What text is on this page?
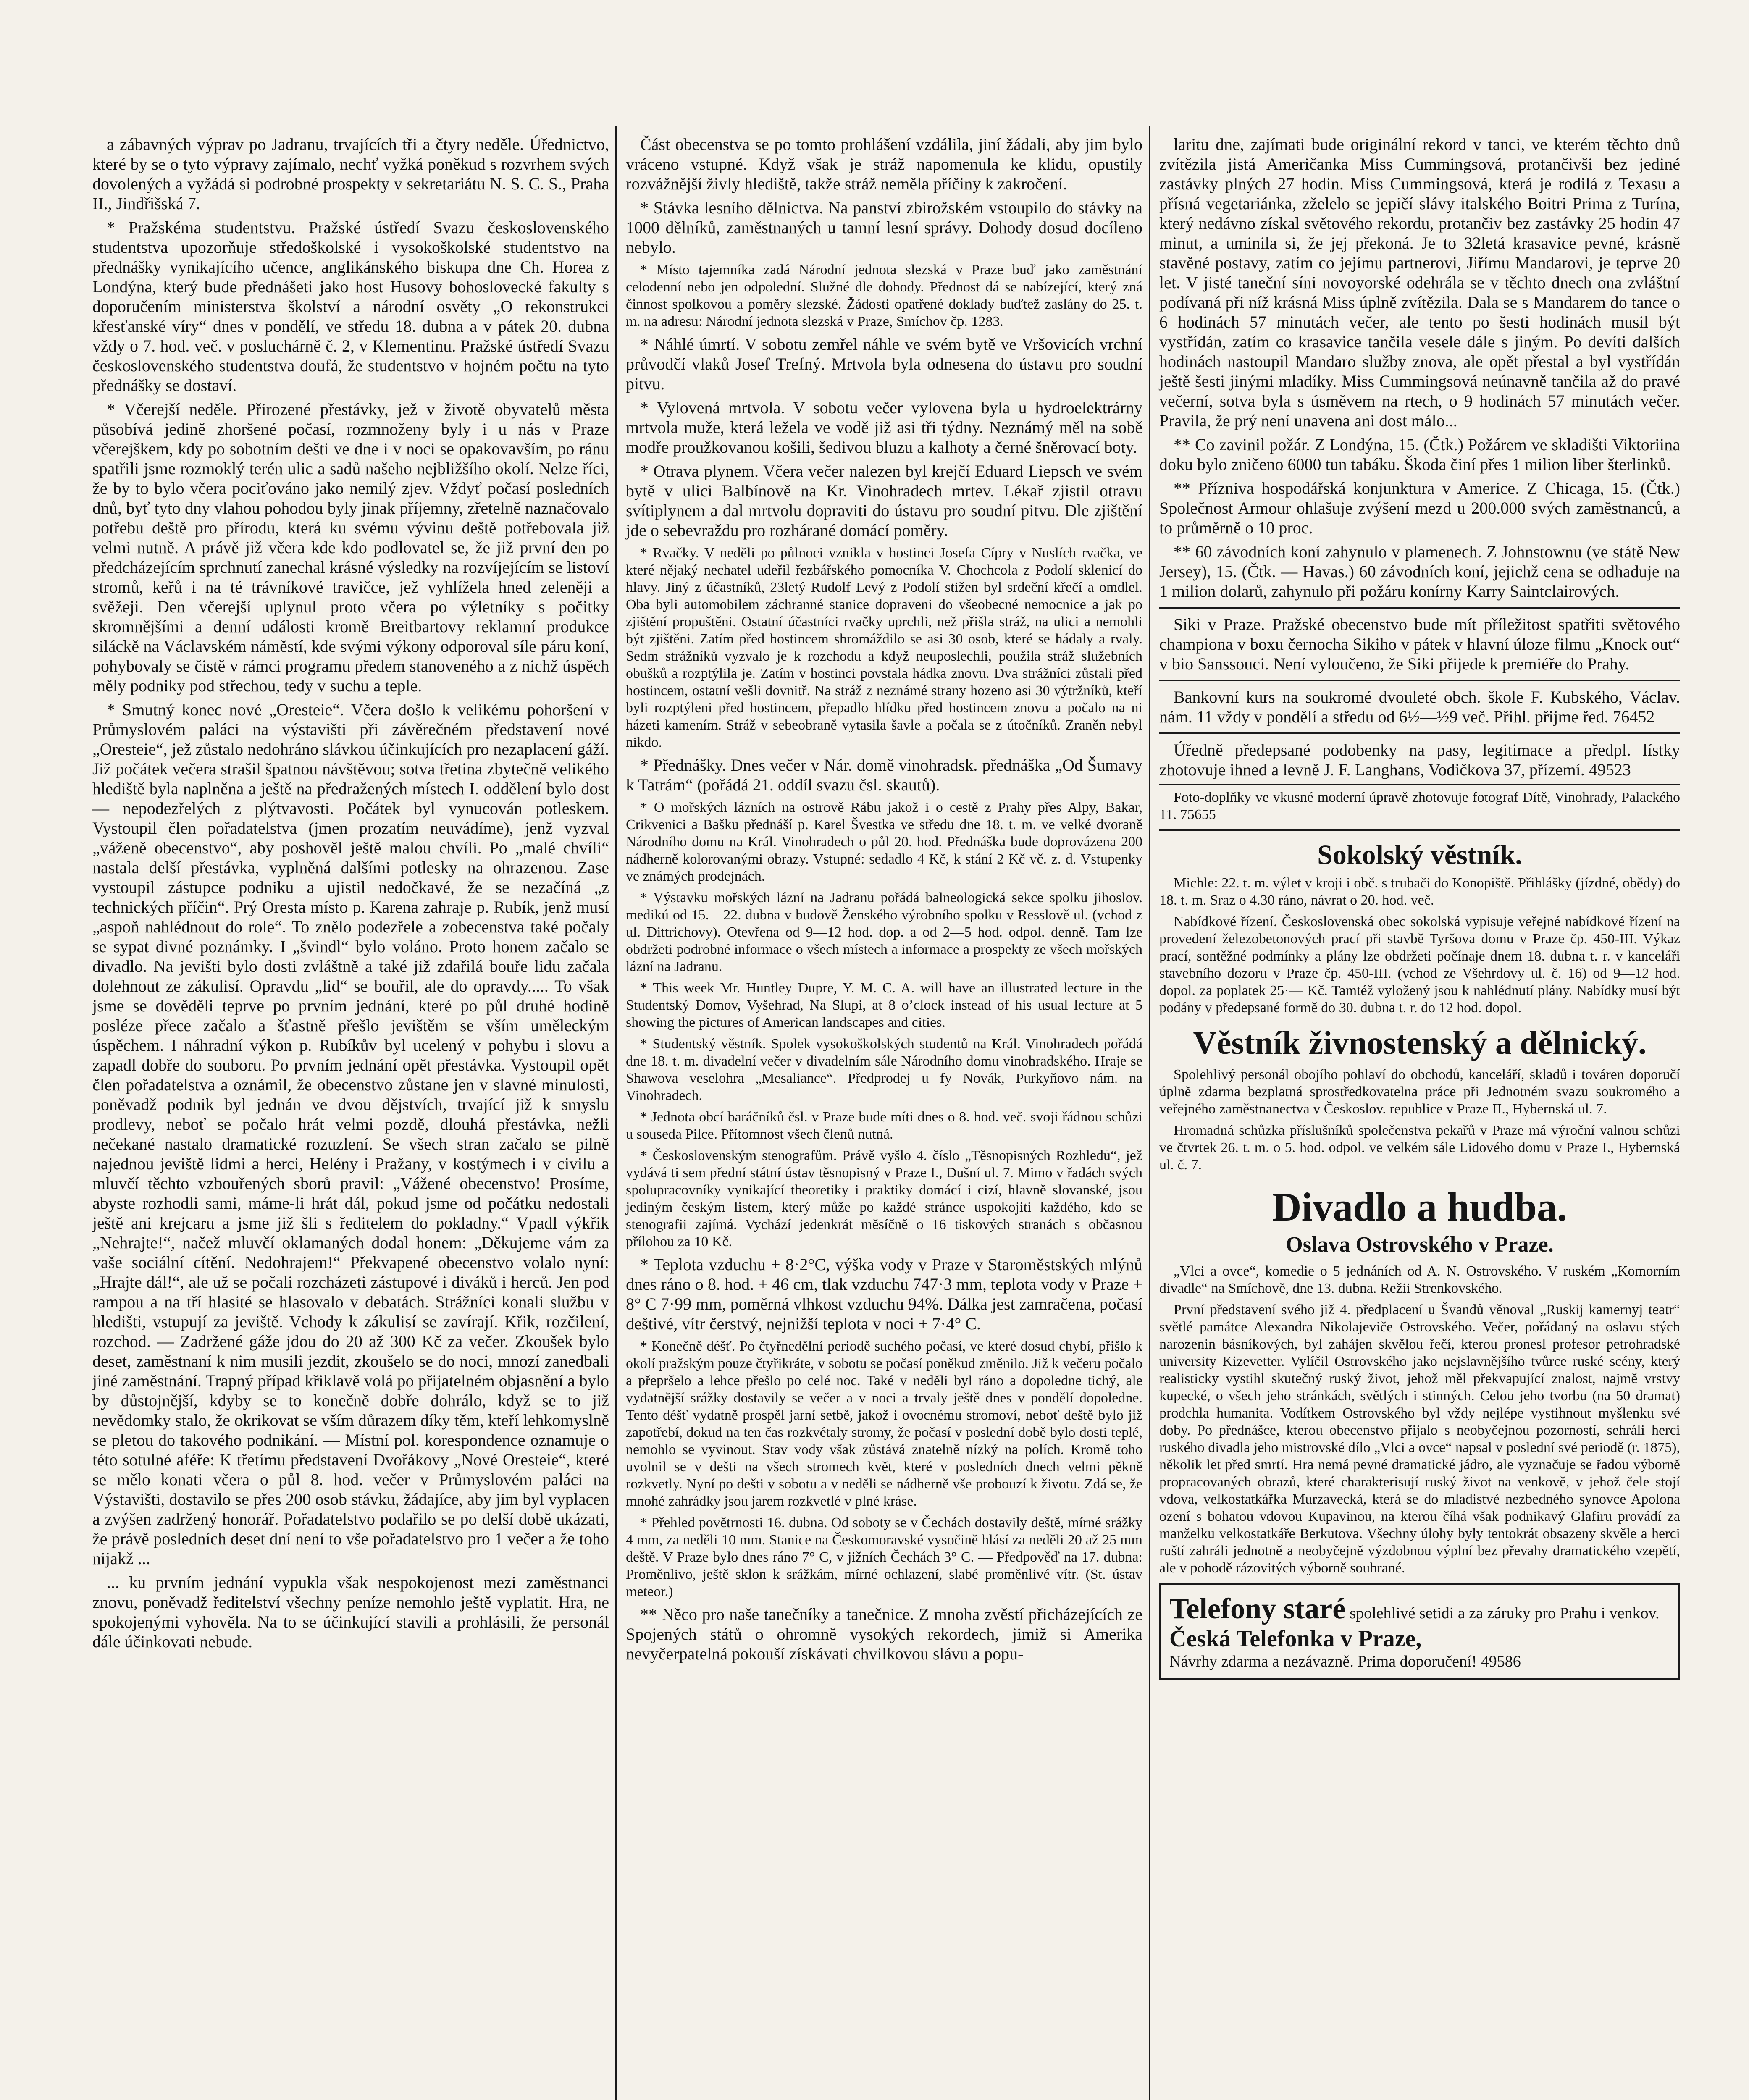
a zábavných výprav po Jadranu, trvajících tři a čtyry neděle. Úřednictvo, které by se o tyto výpravy zajímalo, nechť vyžká poněkud s rozvrhem svých dovolených a vyžádá si podrobné prospekty v sekretariátu N. S. C. S., Praha II., Jindřišská 7.

* Pražskéma studentstvu. Pražské ústředí Svazu československého studentstva upozorňuje středoškolské i vysokoškolské studentstvo na přednášky vynikajícího učence, anglikánského biskupa dne Ch. Horea z Londýna, který bude přednášeti jako host Husovy bohoslovecké fakulty s doporučením ministerstva školství a národní osvěty „O rekonstrukci křesťanské víry“ dnes v pondělí, ve středu 18. dubna a v pátek 20. dubna vždy o 7. hod. več. v posluchárně č. 2, v Klementinu. Pražské ústředí Svazu československého studentstva doufá, že studentstvo v hojném počtu na tyto přednášky se dostaví.

* Včerejší neděle. Přirozené přestávky, jež v životě obyvatelů města působívá jedině zhoršené počasí, rozmnoženy byly i u nás v Praze včerejškem, kdy po sobotním dešti ve dne i v noci se opakovavším, po ránu spatřili jsme rozmoklý terén ulic a sadů našeho nejbližšího okolí. Nelze říci, že by to bylo včera pociťováno jako nemilý zjev. Vždyť počasí posledních dnů, byť tyto dny vlahou pohodou byly jinak příjemny, zřetelně naznačovalo potřebu deště pro přírodu, která ku svému vývinu deště potřebovala již velmi nutně. A právě již včera kde kdo podlovatel se, že již první den po předcházejícím sprchnutí zanechal krásné výsledky na rozvíjejícím se listoví stromů, keřů i na té trávníkové travičce, jež vyhlížela hned zeleněji a svěžeji. Den včerejší uplynul proto včera po výletníky s počitky skromnějšími a denní události kromě Breitbartovy reklamní produkce siláckě na Václavském náměstí, kde svými výkony odporoval síle páru koní, pohybovaly se čistě v rámci programu předem stanoveného a z nichž úspěch měly podniky pod střechou, tedy v suchu a teple.

* Smutný konec nové „Oresteie“. Včera došlo k velikému pohoršení v Průmyslovém paláci na výstavišti při závěrečném představení nové „Oresteie“, jež zůstalo nedohráno slávkou účinkujících pro nezaplacení gáží. Již počátek večera strašil špatnou návštěvou; sotva třetina zbytečně velikého hlediště byla naplněna a ještě na předražených místech I. oddělení bylo dost — nepodezřelých z plýtvavosti. Počátek byl vynucován potleskem. Vystoupil člen pořadatelstva (jmen prozatím neuvádíme), jenž vyzval „váženě obecenstvo“, aby poshověl ještě malou chvíli. Po „malé chvíli“ nastala delší přestávka, vyplněná dalšími potlesky na ohrazenou. Zase vystoupil zástupce podniku a ujistil nedočkavé, že se nezačíná „z technických příčin“. Prý Oresta místo p. Karena zahraje p. Rubík, jenž musí „aspoň nahlédnout do role“. To znělo podezřele a zobecenstva také počaly se sypat divné poznámky. I „švindl“ bylo voláno. Proto honem začalo se divadlo. Na jevišti bylo dosti zvláštně a také již zdařilá bouře lidu začala dolehnout ze zákulisí. Opravdu „lid“ se bouřil, ale do opravdy..... To však jsme se dověděli teprve po prvním jednání, které po půl druhé hodině posléze přece začalo a šťastně přešlo jevištěm se vším uměleckým úspěchem. I náhradní výkon p. Rubíkův byl ucelený v pohybu i slovu a zapadl dobře do souboru. Po prvním jednání opět přestávka. Vystoupil opět člen pořadatelstva a oznámil, že obecenstvo zůstane jen v slavné minulosti, poněvadž podnik byl jednán ve dvou dějstvích, trvající již k smyslu prodlevy, neboť se počalo hrát velmi pozdě, dlouhá přestávka, nežli nečekané nastalo dramatické rozuzlení. Se všech stran začalo se pilně najednou jeviště lidmi a herci, Helény i Pražany, v kostýmech i v civilu a mluvčí těchto vzbouřených sborů pravil: „Vážené obecenstvo! Prosíme, abyste rozhodli sami, máme-li hrát dál, pokud jsme od počátku nedostali ještě ani krejcaru a jsme již šli s ředitelem do pokladny.“ Vpadl výkřik „Nehrajte!“, načež mluvčí oklamaných dodal honem: „Děkujeme vám za vaše sociální cítění. Nedohrajem!“ Překvapené obecenstvo volalo nyní: „Hrajte dál!“, ale už se počali rozcházeti zástupové i diváků i herců. Jen pod rampou a na tří hlasité se hlasovalo v debatách. Strážníci konali službu v hledišti, vstupují za jeviště. Vchody k zákulisí se zavírají. Křik, rozčilení, rozchod. — Zadržené gáže jdou do 20 až 300 Kč za večer. Zkoušek bylo deset, zaměstnaní k nim musili jezdit, zkoušelo se do noci, mnozí zanedbali jiné zaměstnání. Trapný případ křiklavě volá po přijatelném objasnění a bylo by důstojnější, kdyby se to konečně dobře dohrálo, když se to již nevědomky stalo, že okrikovat se vším důrazem díky těm, kteří lehkomyslně se pletou do takového podnikání. — Místní pol. korespondence oznamuje o této sotulné aféře: K třetímu představení Dvořákovy „Nové Oresteie“, které se mělo konati včera o půl 8. hod. večer v Průmyslovém paláci na Výstavišti, dostavilo se přes 200 osob stávku, žádajíce, aby jim byl vyplacen a zvýšen zadržený honorář. Pořadatelstvo podařilo se po delší době ukázati, že právě posledních deset dní není to vše pořadatelstvo pro 1 večer a že toho nijakž ...

... ku prvním jednání vypukla však nespokojenost mezi zaměstnanci znovu, poněvadž ředitelství všechny peníze nemohlo ještě vyplatit. Hra, ne spokojenými vyhověla. Na to se účinkující stavili a prohlásili, že personál dále účinkovati nebude.

Část obecenstva se po tomto prohlášení vzdálila, jiní žádali, aby jim bylo vráceno vstupné. Když však je stráž napomenula ke klidu, opustily rozvážnější živly hlediště, takže stráž neměla příčiny k zakročení.

* Stávka lesního dělnictva. Na panství zbirožském vstoupilo do stávky na 1000 dělníků, zaměstnaných u tamní lesní správy. Dohody dosud docíleno nebylo.

* Místo tajemníka zadá Národní jednota slezská v Praze buď jako zaměstnání celodenní nebo jen odpolední. Služné dle dohody. Přednost dá se nabízející, který zná činnost spolkovou a poměry slezské. Žádosti opatřené doklady buďtež zaslány do 25. t. m. na adresu: Národní jednota slezská v Praze, Smíchov čp. 1283.

* Náhlé úmrtí. V sobotu zemřel náhle ve svém bytě ve Vršovicích vrchní průvodčí vlaků Josef Trefný. Mrtvola byla odnesena do ústavu pro soudní pitvu.

* Vylovená mrtvola. V sobotu večer vylovena byla u hydroelektrárny mrtvola muže, která ležela ve vodě již asi tři týdny. Neznámý měl na sobě modře proužkovanou košili, šedivou bluzu a kalhoty a černé šněrovací boty.

* Otrava plynem. Včera večer nalezen byl krejčí Eduard Liepsch ve svém bytě v ulici Balbínově na Kr. Vinohradech mrtev. Lékař zjistil otravu svítiplynem a dal mrtvolu dopraviti do ústavu pro soudní pitvu. Dle zjištění jde o sebevraždu pro rozhárané domácí poměry.

* Rvačky. V neděli po půlnoci vznikla v hostinci Josefa Cípry v Nuslích rvačka, ve které nějaký nechatel udeřil řezbářského pomocníka V. Chochcola z Podolí sklenicí do hlavy. Jiný z účastníků, 23letý Rudolf Levý z Podolí stižen byl srdeční křečí a omdlel. Oba byli automobilem záchranné stanice dopraveni do všeobecné nemocnice a jak po zjištění propuštěni. Ostatní účastníci rvačky uprchli, než přišla stráž, na ulici a nemohli být zjištěni. Zatím před hostincem shromáždilo se asi 30 osob, které se hádaly a rvaly. Sedm strážníků vyzvalo je k rozchodu a když neuposlechli, použila stráž služebních obušků a rozptýlila je. Zatím v hostinci povstala hádka znovu. Dva strážníci zůstali před hostincem, ostatní vešli dovnitř. Na stráž z neznámé strany hozeno asi 30 výtržníků, kteří byli rozptýleni před hostincem, přepadlo hlídku před hostincem znovu a počalo na ni házeti kamením. Stráž v sebeobraně vytasila šavle a počala se z útočníků. Zraněn nebyl nikdo.

* Přednášky. Dnes večer v Nár. domě vinohradsk. přednáška „Od Šumavy k Tatrám“ (pořádá 21. oddíl svazu čsl. skautů).

* O mořských lázních na ostrově Rábu jakož i o cestě z Prahy přes Alpy, Bakar, Crikvenici a Bašku přednáší p. Karel Švestka ve středu dne 18. t. m. ve velké dvoraně Národního domu na Král. Vinohradech o půl 20. hod. Přednáška bude doprovázena 200 nádherně kolorovanými obrazy. Vstupné: sedadlo 4 Kč, k stání 2 Kč vč. z. d. Vstupenky ve známých prodejnách.

* Výstavku mořských lázní na Jadranu pořádá balneologická sekce spolku jihoslov. medikú od 15.—22. dubna v budově Ženského výrobního spolku v Resslově ul. (vchod z ul. Dittrichovy). Otevřena od 9—12 hod. dop. a od 2—5 hod. odpol. denně. Tam lze obdržeti podrobné informace o všech místech a informace a prospekty ze všech mořských lázní na Jadranu.

* This week Mr. Huntley Dupre, Y. M. C. A. will have an illustrated lecture in the Studentský Domov, Vyšehrad, Na Slupi, at 8 o’clock instead of his usual lecture at 5 showing the pictures of American landscapes and cities.

* Studentský věstník. Spolek vysokoškolských studentů na Král. Vinohradech pořádá dne 18. t. m. divadelní večer v divadelním sále Národního domu vinohradského. Hraje se Shawova veselohra „Mesaliance“. Předprodej u fy Novák, Purkyňovo nám. na Vinohradech.

* Jednota obcí baráčníků čsl. v Praze bude míti dnes o 8. hod. več. svoji řádnou schůzi u souseda Pilce. Přítomnost všech členů nutná.

* Československým stenografům. Právě vyšlo 4. číslo „Těsnopisných Rozhledů“, jež vydává ti sem přední státní ústav těsnopisný v Praze I., Dušní ul. 7. Mimo v řadách svých spolupracovníky vynikající theoretiky i praktiky domácí i cizí, hlavně slovanské, jsou jediným českým listem, který může po každé stránce uspokojiti každého, kdo se stenografii zajímá. Vychází jedenkrát měsíčně o 16 tiskových stranách s občasnou přílohou za 10 Kč.

* Teplota vzduchu + 8·2°C, výška vody v Praze v Staroměstských mlýnů dnes ráno o 8. hod. + 46 cm, tlak vzduchu 747·3 mm, teplota vody v Praze + 8° C 7·99 mm, poměrná vlhkost vzduchu 94%. Dálka jest zamračena, počasí deštivé, vítr čerstvý, nejnižší teplota v noci + 7·4° C.

* Konečně déšť. Po čtyřnedělní periodě suchého počasí, ve které dosud chybí, přišlo k okolí pražským pouze čtyřikráte, v sobotu se počasí poněkud změnilo. Již k večeru počalo a přepršelo a lehce přešlo po celé noc. Také v neděli byl ráno a dopoledne tichý, ale vydatnější srážky dostavily se večer a v noci a trvaly ještě dnes v pondělí dopoledne. Tento déšť vydatně prospěl jarní setbě, jakož i ovocnému stromoví, neboť deště bylo již zapotřebí, dokud na ten čas rozkvétaly stromy, že počasí v poslední době bylo dosti teplé, nemohlo se vyvinout. Stav vody však zůstává znatelně nízký na polích. Kromě toho uvolnil se v dešti na všech stromech květ, které v posledních dnech velmi pěkně rozkvetly. Nyní po dešti v sobotu a v neděli se nádherně vše probouzí k životu. Zdá se, že mnohé zahrádky jsou jarem rozkvetlé v plné kráse.

* Přehled povětrnosti 16. dubna. Od soboty se v Čechách dostavily deště, mírné srážky 4 mm, za neděli 10 mm. Stanice na Českomoravské vysočině hlásí za neděli 20 až 25 mm deště. V Praze bylo dnes ráno 7° C, v jižních Čechách 3° C. — Předpověď na 17. dubna: Proměnlivo, ještě sklon k srážkám, mírné ochlazení, slabé proměnlivé vítr. (St. ústav meteor.)

** Něco pro naše tanečníky a tanečnice. Z mnoha zvěstí přicházejících ze Spojených států o ohromně vysokých rekordech, jimiž si Amerika nevyčerpatelná pokouší získávati chvilkovou slávu a popu-

laritu dne, zajímati bude originální rekord v tanci, ve kterém těchto dnů zvítězila jistá Američanka Miss Cummingsová, protančivši bez jediné zastávky plných 27 hodin. Miss Cummingsová, která je rodilá z Texasu a přísná vegetariánka, zželelo se jepičí slávy italského Boitri Prima z Turína, který nedávno získal světového rekordu, protančiv bez zastávky 25 hodin 47 minut, a uminila si, že jej překoná. Je to 32letá krasavice pevné, krásně stavěné postavy, zatím co jejímu partnerovi, Jiřímu Mandarovi, je teprve 20 let. V jisté taneční síni novoyorské odehrála se v těchto dnech ona zvláštní podívaná při níž krásná Miss úplně zvítězila. Dala se s Mandarem do tance o 6 hodinách 57 minutách večer, ale tento po šesti hodinách musil být vystřídán, zatím co krasavice tančila vesele dále s jiným. Po devíti dalších hodinách nastoupil Mandaro služby znova, ale opět přestal a byl vystřídán ještě šesti jinými mladíky. Miss Cummingsová neúnavně tančila až do pravé večerní, sotva byla s úsměvem na rtech, o 9 hodinách 57 minutách večer. Pravila, že prý není unavena ani dost málo...

** Co zavinil požár. Z Londýna, 15. (Čtk.) Požárem ve skladišti Viktoriina doku bylo zničeno 6000 tun tabáku. Škoda činí přes 1 milion liber šterlinků.

** Přízniva hospodářská konjunktura v Americe. Z Chicaga, 15. (Čtk.) Společnost Armour ohlašuje zvýšení mezd u 200.000 svých zaměstnanců, a to průměrně o 10 proc.

** 60 závodních koní zahynulo v plamenech. Z Johnstownu (ve státě New Jersey), 15. (Čtk. — Havas.) 60 závodních koní, jejichž cena se odhaduje na 1 milion dolarů, zahynulo při požáru konírny Karry Saintclairových.

Siki v Praze. Pražské obecenstvo bude mít příležitost spatřiti světového championa v boxu černocha Sikiho v pátek v hlavní úloze filmu „Knock out“ v bio Sanssouci. Není vyloučeno, že Siki přijede k premiéře do Prahy.

Bankovní kurs na soukromé dvouleté obch. škole F. Kubského, Václav. nám. 11 vždy v pondělí a středu od 6½—½9 več. Přihl. přijme řed. 76452

Úředně předepsané podobenky na pasy, legitimace a předpl. lístky zhotovuje ihned a levně J. F. Langhans, Vodičkova 37, přízemí. 49523

Foto-doplňky ve vkusné moderní úpravě zhotovuje fotograf Dítě, Vinohrady, Palackého 11. 75655

Sokolský věstník.

Michle: 22. t. m. výlet v kroji i obč. s trubači do Konopiště. Přihlášky (jízdné, obědy) do 18. t. m. Sraz o 4.30 ráno, návrat o 20. hod. več.

Nabídkové řízení. Československá obec sokolská vypisuje veřejné nabídkové řízení na provedení železobetonových prací při stavbě Tyršova domu v Praze čp. 450-III. Výkaz prací, sontěžné podmínky a plány lze obdržeti počínaje dnem 18. dubna t. r. v kanceláři stavebního dozoru v Praze čp. 450-III. (vchod ze Všehrdovy ul. č. 16) od 9—12 hod. dopol. za poplatek 25·— Kč. Tamtéž vyložený jsou k nahlédnutí plány. Nabídky musí být podány v předepsané formě do 30. dubna t. r. do 12 hod. dopol.

Věstník živnostenský a dělnický.

Spolehlivý personál obojího pohlaví do obchodů, kanceláří, skladů i továren doporučí úplně zdarma bezplatná sprostředkovatelna práce při Jednotném svazu soukromého a veřejného zaměstnanectva v Českoslov. republice v Praze II., Hybernská ul. 7.

Hromadná schůzka příslušníků společenstva pekařů v Praze má výroční valnou schůzi ve čtvrtek 26. t. m. o 5. hod. odpol. ve velkém sále Lidového domu v Praze I., Hybernská ul. č. 7.

Divadlo a hudba.

Oslava Ostrovského v Praze.

„Vlci a ovce“, komedie o 5 jednáních od A. N. Ostrovského. V ruském „Komorním divadle“ na Smíchově, dne 13. dubna. Režii Strenkovského.

První představení svého již 4. předplacení u Švandů věnoval „Ruskij kamernyj teatr“ světlé památce Alexandra Nikolajeviče Ostrovského. Večer, pořádaný na oslavu stých narozenin básníkových, byl zahájen skvělou řečí, kterou pronesl profesor petrohradské university Kizevetter. Vylíčil Ostrovského jako nejslavnějšího tvůrce ruské scény, který realisticky vystihl skutečný ruský život, jehož měl překvapující znalost, najmě vrstvy kupecké, o všech jeho stránkách, světlých i stinných. Celou jeho tvorbu (na 50 dramat) prodchla humanita. Vodítkem Ostrovského byl vždy nejlépe vystihnout myšlenku své doby. Po přednášce, kterou obecenstvo přijalo s neobyčejnou pozorností, sehráli herci ruského divadla jeho mistrovské dílo „Vlci a ovce“ napsal v poslední své periodě (r. 1875), několik let před smrtí. Hra nemá pevné dramatické jádro, ale vyznačuje se řadou výborně propracovaných obrazů, které charakterisují ruský život na venkově, v jehož čele stojí vdova, velkostatkářka Murzavecká, která se do mladistvé nezbedného synovce Apolona ození s bohatou vdovou Kupavinou, na kterou číhá však podnikavý Glafiru provádí za manželku velkostatkáře Berkutova. Všechny úlohy byly tentokrát obsazeny skvěle a herci ruští zahráli jednotně a neobyčejně výzdobnou výplní bez převahy dramatického vzepětí, ale v pohodě rázovitých výborně souhrané.

Telefony staré spolehlivé setidi a za záruky pro Prahu i venkov.
Česká Telefonka v Praze,
Návrhy zdarma a nezávazně. Prima doporučení! 49586
